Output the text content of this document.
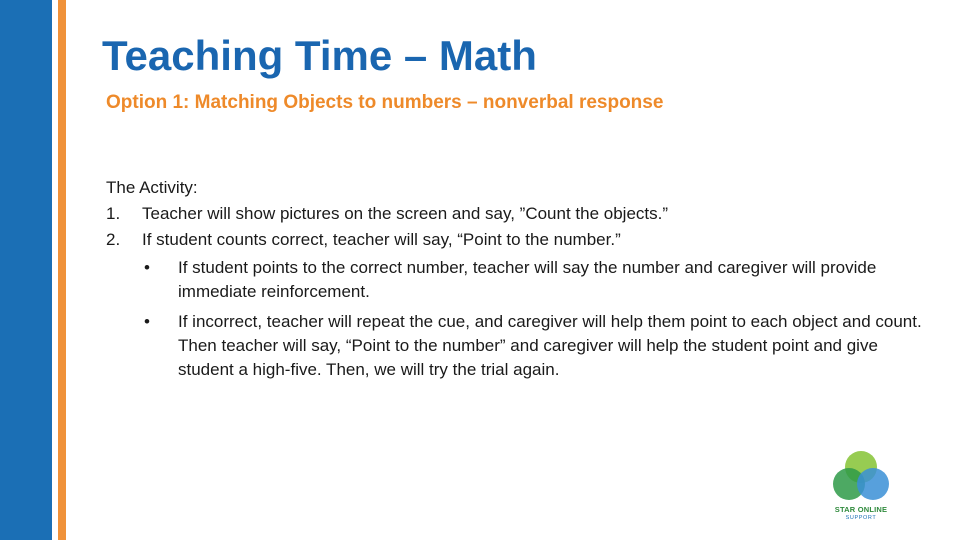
Teaching Time – Math
Option 1: Matching Objects to numbers – nonverbal response

The Activity:

1.	Teacher will show pictures on the screen and say, ”Count the objects.”
2.	If student counts correct, teacher will say, “Point to the number.”
•	If student points to the correct number, teacher will say the number and caregiver will provide immediate reinforcement.
•	If incorrect, teacher will repeat the cue, and caregiver will help them point to each object and count. Then teacher will say, “Point to the number” and caregiver will help the student point and give student a high-five. Then, we will try the trial again.
STAR ONLINE
SUPPORT
